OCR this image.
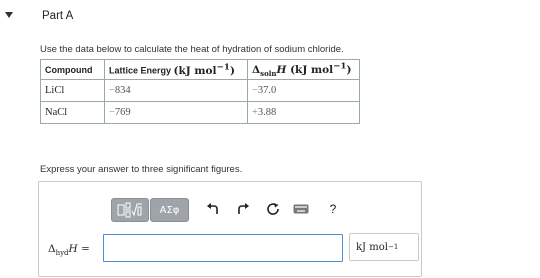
Part A
Use the data below to calculate the heat of hydration of sodium chloride.
Compound	Lattice Energy (kJ mol$^{-1}$)	$\Delta_{soln}H$ (kJ mol$^{-1}$)
LiCl	−834	−37.0
NaCl	−769	+3.88
Express your answer to three significant figures.
ΑΣφ	?
$\Delta_{hyd}H$ =	kJ mol −1
